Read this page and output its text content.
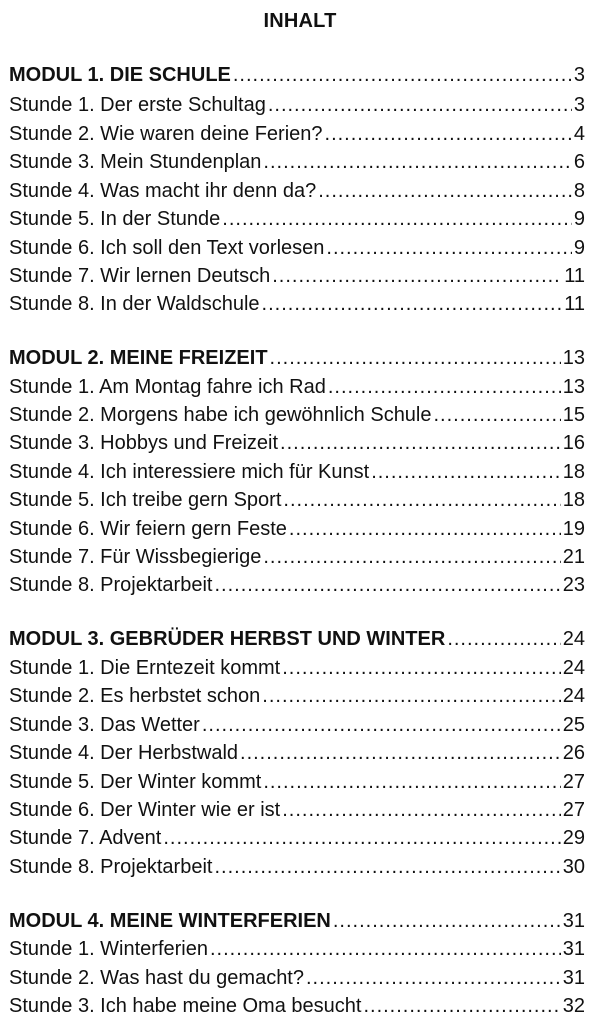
INHALT
MODUL 1. DIE SCHULE .....	3
Stunde 1. Der erste Schultag .....	3
Stunde 2. Wie waren deine Ferien? .....	4
Stunde 3. Mein Stundenplan .....	6
Stunde 4. Was macht ihr denn da? .....	8
Stunde 5. In der Stunde .....	9
Stunde 6. Ich soll den Text vorlesen .....	9
Stunde 7. Wir lernen Deutsch .....	11
Stunde 8. In der Waldschule .....	11
MODUL 2. MEINE FREIZEIT .....	13
Stunde 1. Am Montag fahre ich Rad .....	13
Stunde 2. Morgens habe ich gewöhnlich Schule .....	15
Stunde 3. Hobbys und Freizeit .....	16
Stunde 4. Ich interessiere mich für Kunst .....	18
Stunde 5. Ich treibe gern Sport .....	18
Stunde 6. Wir feiern gern Feste .....	19
Stunde 7. Für Wissbegierige .....	21
Stunde 8. Projektarbeit .....	23
MODUL 3. GEBRÜDER HERBST UND WINTER .....	24
Stunde 1. Die Erntezeit kommt .....	24
Stunde 2. Es herbstet schon .....	24
Stunde 3. Das Wetter .....	25
Stunde 4. Der Herbstwald .....	26
Stunde 5. Der Winter kommt .....	27
Stunde 6. Der Winter wie er ist .....	27
Stunde 7. Advent .....	29
Stunde 8. Projektarbeit .....	30
MODUL 4. MEINE WINTERFERIEN .....	31
Stunde 1. Winterferien .....	31
Stunde 2. Was hast du gemacht? .....	31
Stunde 3. Ich habe meine Oma besucht .....	32
